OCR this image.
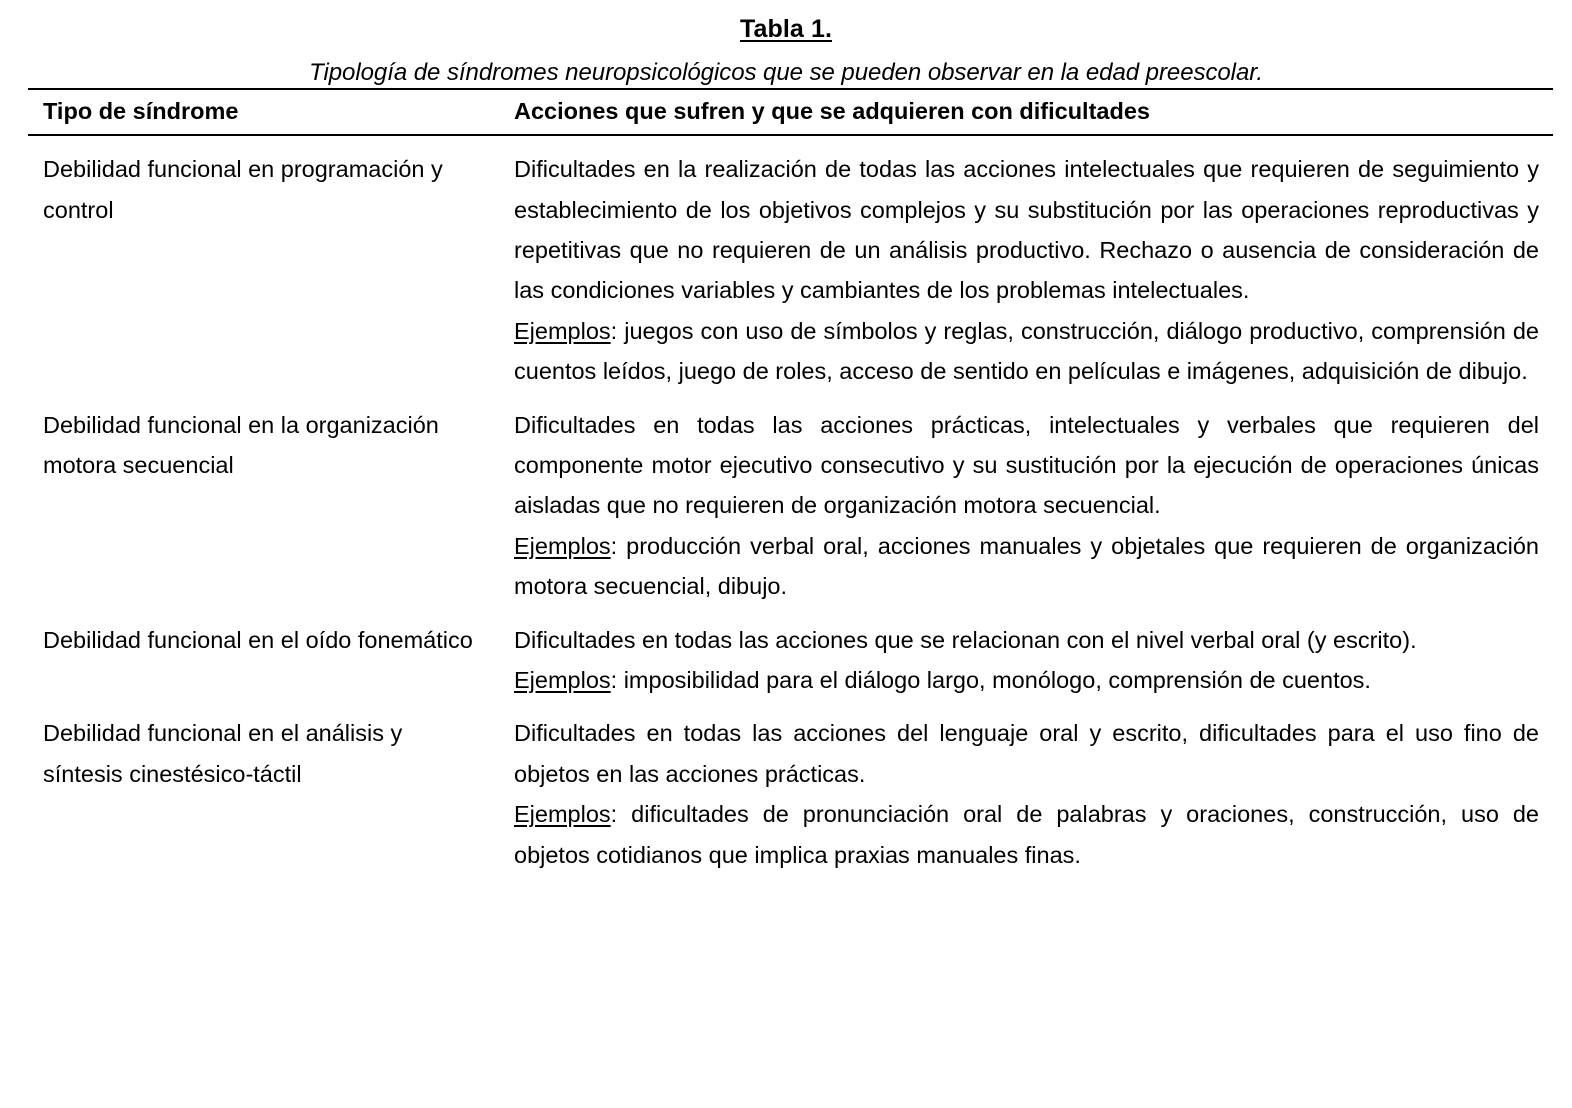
Tabla 1.
Tipología de síndromes neuropsicológicos que se pueden observar en la edad preescolar.
Tipo de síndrome	Acciones que sufren y que se adquieren con dificultades

Debilidad funcional en programación y control	Dificultades en la realización de todas las acciones intelectuales que requieren de seguimiento y establecimiento de los objetivos complejos y su substitución por las operaciones reproductivas y repetitivas que no requieren de un análisis productivo. Rechazo o ausencia de consideración de las condiciones variables y cambiantes de los problemas intelectuales.

Ejemplos: juegos con uso de símbolos y reglas, construcción, diálogo productivo, comprensión de cuentos leídos, juego de roles, acceso de sentido en películas e imágenes, adquisición de dibujo.

Debilidad funcional en la organización motora secuencial	Dificultades en todas las acciones prácticas, intelectuales y verbales que requieren del componente motor ejecutivo consecutivo y su sustitución por la ejecución de operaciones únicas aisladas que no requieren de organización motora secuencial.

Ejemplos: producción verbal oral, acciones manuales y objetales que requieren de organización motora secuencial, dibujo.

Debilidad funcional en el oído fonemático	Dificultades en todas las acciones que se relacionan con el nivel verbal oral (y escrito).

Ejemplos: imposibilidad para el diálogo largo, monólogo, comprensión de cuentos.

Debilidad funcional en el análisis y síntesis cinestésico-táctil	Dificultades en todas las acciones del lenguaje oral y escrito, dificultades para el uso fino de objetos en las acciones prácticas.

Ejemplos: dificultades de pronunciación oral de palabras y oraciones, construcción, uso de objetos cotidianos que implica praxias manuales finas.
